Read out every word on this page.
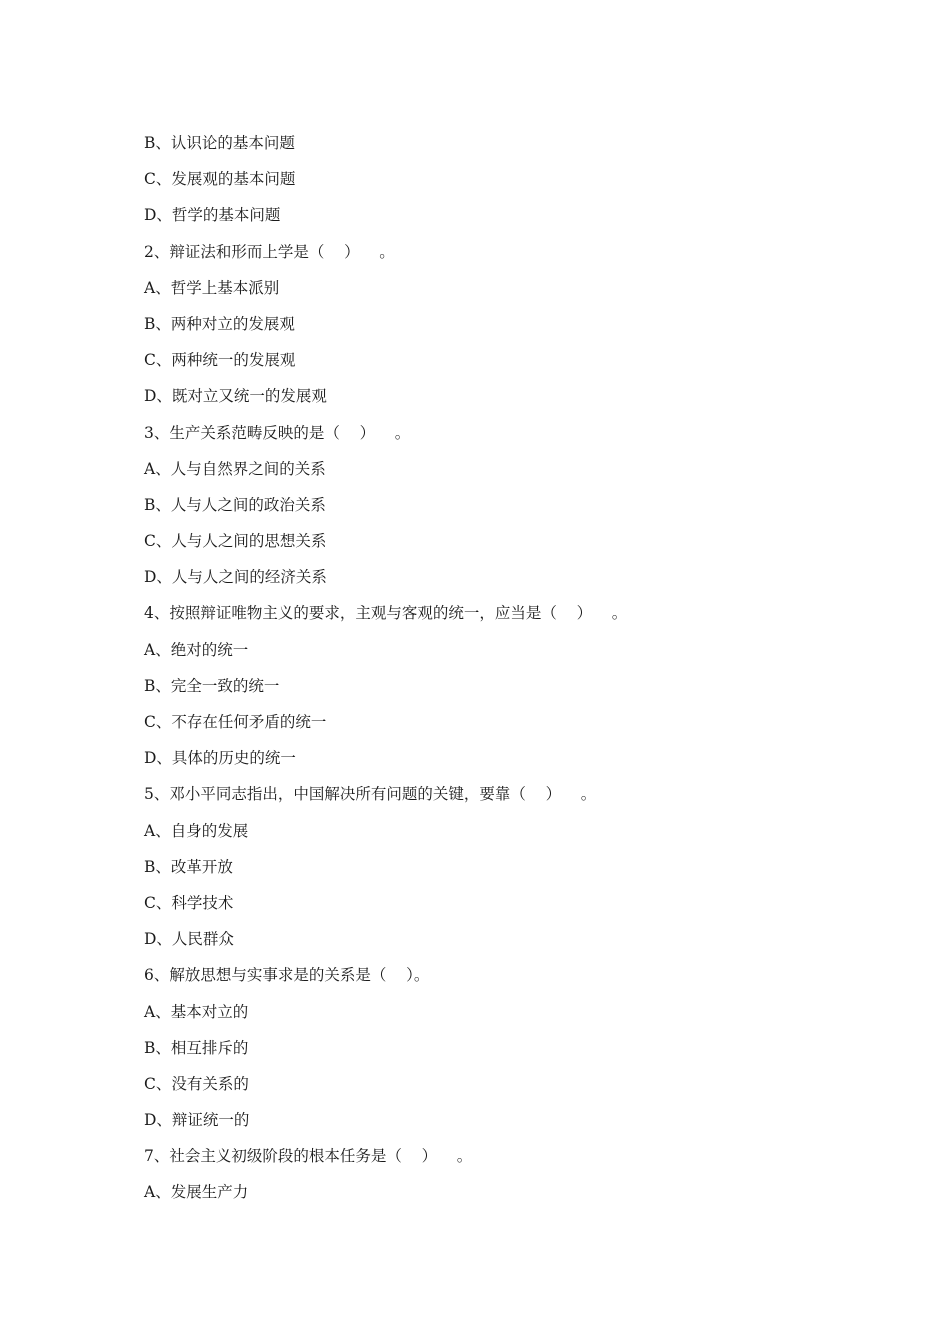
B、认识论的基本问题
C、发展观的基本问题
D、哲学的基本问题
2、辩证法和形而上学是（    ）    。
A、哲学上基本派别
B、两种对立的发展观
C、两种统一的发展观
D、既对立又统一的发展观
3、生产关系范畴反映的是（    ）    。
A、人与自然界之间的关系
B、人与人之间的政治关系
C、人与人之间的思想关系
D、人与人之间的经济关系
4、按照辩证唯物主义的要求，主观与客观的统一，应当是（    ）    。
A、绝对的统一
B、完全一致的统一
C、不存在任何矛盾的统一
D、具体的历史的统一
5、邓小平同志指出，中国解决所有问题的关键，要靠（    ）    。
A、自身的发展
B、改革开放
C、科学技术
D、人民群众
6、解放思想与实事求是的关系是（    ）。
A、基本对立的
B、相互排斥的
C、没有关系的
D、辩证统一的
7、社会主义初级阶段的根本任务是（    ）    。
A、发展生产力
